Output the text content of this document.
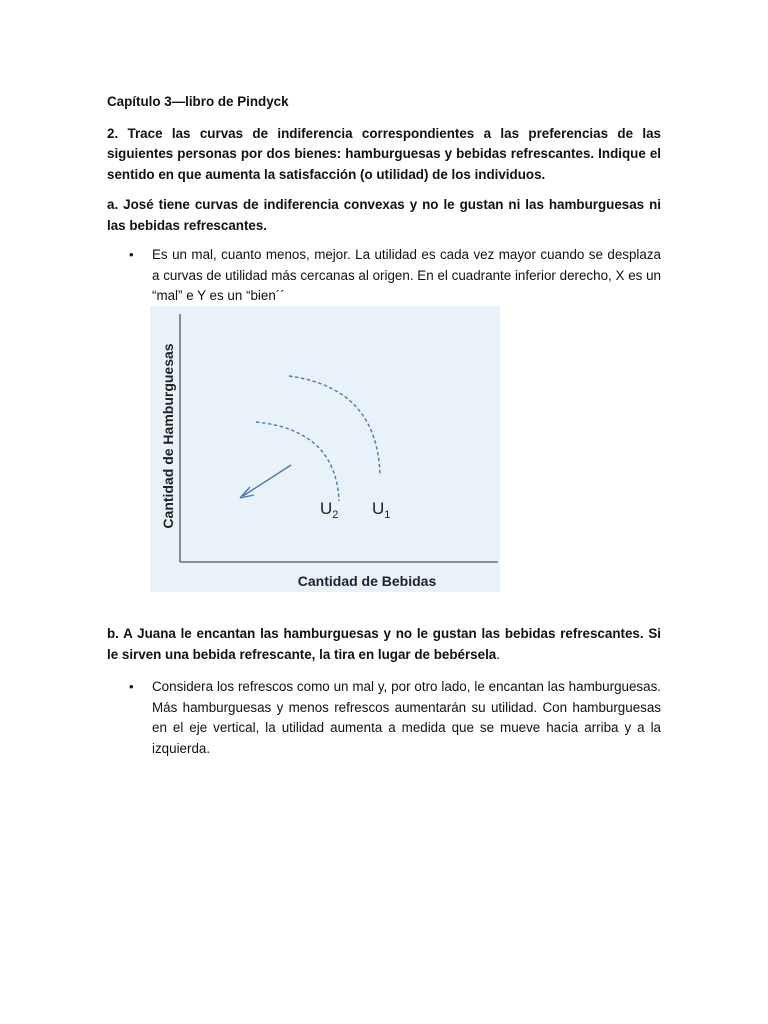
Capítulo 3—libro de Pindyck

2. Trace las curvas de indiferencia correspondientes a las preferencias de las siguientes personas por dos bienes: hamburguesas y bebidas refrescantes. Indique el sentido en que aumenta la satisfacción (o utilidad) de los individuos.

a. José tiene curvas de indiferencia convexas y no le gustan ni las hamburguesas ni las bebidas refrescantes.

• Es un mal, cuanto menos, mejor. La utilidad es cada vez mayor cuando se desplaza a curvas de utilidad más cercanas al origen. En el cuadrante inferior derecho, X es un “mal” e Y es un “bien´´

$U_2$ $U_1$
Cantidad de Hamburguesas
Cantidad de Bebidas

b. A Juana le encantan las hamburguesas y no le gustan las bebidas refrescantes. Si le sirven una bebida refrescante, la tira en lugar de bebérsela.

• Considera los refrescos como un mal y, por otro lado, le encantan las hamburguesas. Más hamburguesas y menos refrescos aumentarán su utilidad. Con hamburguesas en el eje vertical, la utilidad aumenta a medida que se mueve hacia arriba y a la izquierda.
